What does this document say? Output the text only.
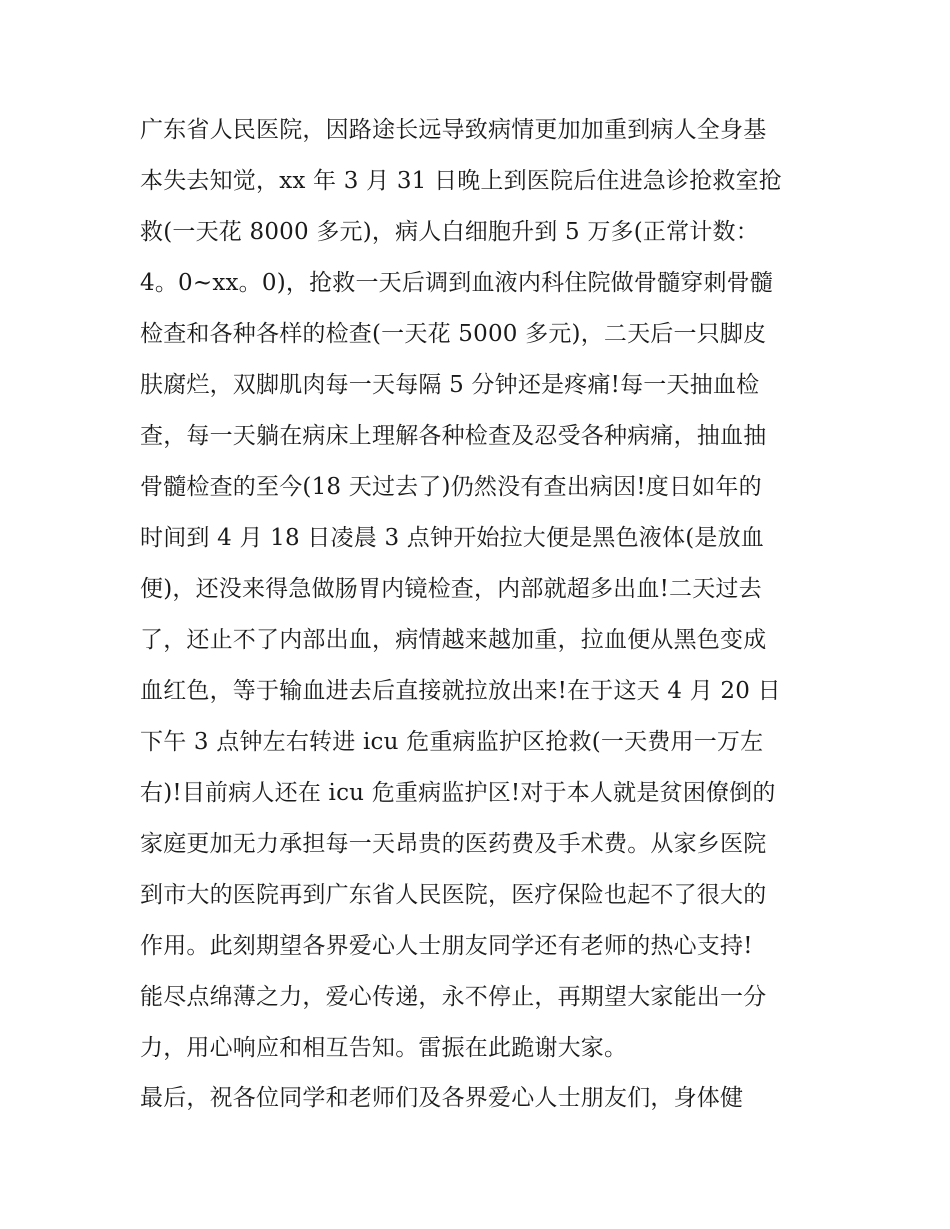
广东省人民医院，因路途长远导致病情更加加重到病人全身基
本失去知觉，xx 年 3 月 31 日晚上到医院后住进急诊抢救室抢
救(一天花 8000 多元)，病人白细胞升到 5 万多(正常计数：
4。0~xx。0)，抢救一天后调到血液内科住院做骨髓穿刺骨髓
检查和各种各样的检查(一天花 5000 多元)，二天后一只脚皮
肤腐烂，双脚肌肉每一天每隔 5 分钟还是疼痛!每一天抽血检
查，每一天躺在病床上理解各种检查及忍受各种病痛，抽血抽
骨髓检查的至今(18 天过去了)仍然没有查出病因!度日如年的
时间到 4 月 18 日凌晨 3 点钟开始拉大便是黑色液体(是放血
便)，还没来得急做肠胃内镜检查，内部就超多出血!二天过去
了，还止不了内部出血，病情越来越加重，拉血便从黑色变成
血红色，等于输血进去后直接就拉放出来!在于这天 4 月 20 日
下午 3 点钟左右转进 icu 危重病监护区抢救(一天费用一万左
右)!目前病人还在 icu 危重病监护区!对于本人就是贫困僚倒的
家庭更加无力承担每一天昂贵的医药费及手术费。从家乡医院
到市大的医院再到广东省人民医院，医疗保险也起不了很大的
作用。此刻期望各界爱心人士朋友同学还有老师的热心支持!
能尽点绵薄之力，爱心传递，永不停止，再期望大家能出一分
力，用心响应和相互告知。雷振在此跪谢大家。
最后，祝各位同学和老师们及各界爱心人士朋友们，身体健
